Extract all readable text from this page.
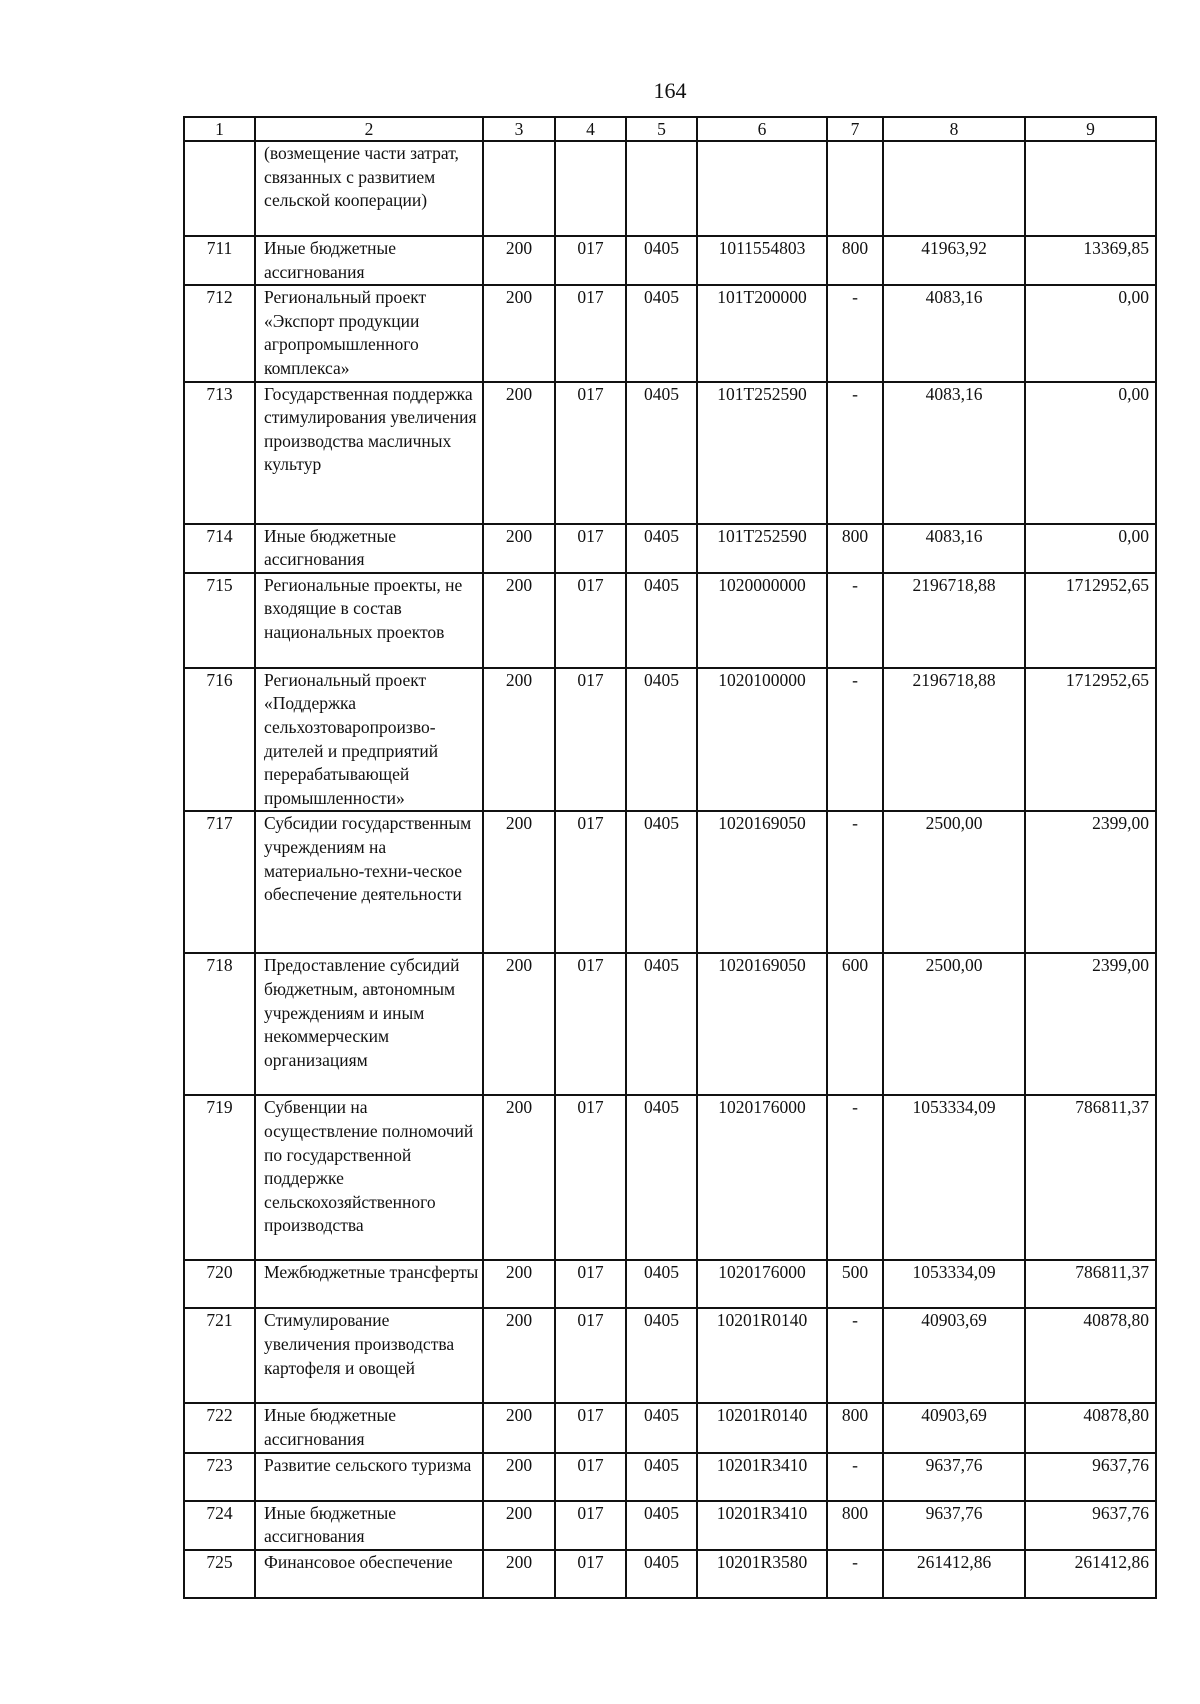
164
1	2	3	4	5	6	7	8	9
	(возмещение части затрат, связанных с развитием сельской кооперации)							
711	Иные бюджетные ассигнования	200	017	0405	1011554803	800	41963,92	13369,85
712	Региональный проект «Экспорт продукции агропромышленного комплекса»	200	017	0405	101T200000	-	4083,16	0,00
713	Государственная поддержка стимулирования увеличения производства масличных культур	200	017	0405	101T252590	-	4083,16	0,00
714	Иные бюджетные ассигнования	200	017	0405	101T252590	800	4083,16	0,00
715	Региональные проекты, не входящие в состав национальных проектов	200	017	0405	1020000000	-	2196718,88	1712952,65
716	Региональный проект «Поддержка сельхозтоваропроизво-дителей и предприятий перерабатывающей промышленности»	200	017	0405	1020100000	-	2196718,88	1712952,65
717	Субсидии государственным учреждениям на материально-техни-ческое обеспечение деятельности	200	017	0405	1020169050	-	2500,00	2399,00
718	Предоставление субсидий бюджетным, автономным учреждениям и иным некоммерческим организациям	200	017	0405	1020169050	600	2500,00	2399,00
719	Субвенции на осуществление полномочий по государственной поддержке сельскохозяйственного производства	200	017	0405	1020176000	-	1053334,09	786811,37
720	Межбюджетные трансферты	200	017	0405	1020176000	500	1053334,09	786811,37
721	Стимулирование увеличения производства картофеля и овощей	200	017	0405	10201R0140	-	40903,69	40878,80
722	Иные бюджетные ассигнования	200	017	0405	10201R0140	800	40903,69	40878,80
723	Развитие сельского туризма	200	017	0405	10201R3410	-	9637,76	9637,76
724	Иные бюджетные ассигнования	200	017	0405	10201R3410	800	9637,76	9637,76
725	Финансовое обеспечение	200	017	0405	10201R3580	-	261412,86	261412,86
